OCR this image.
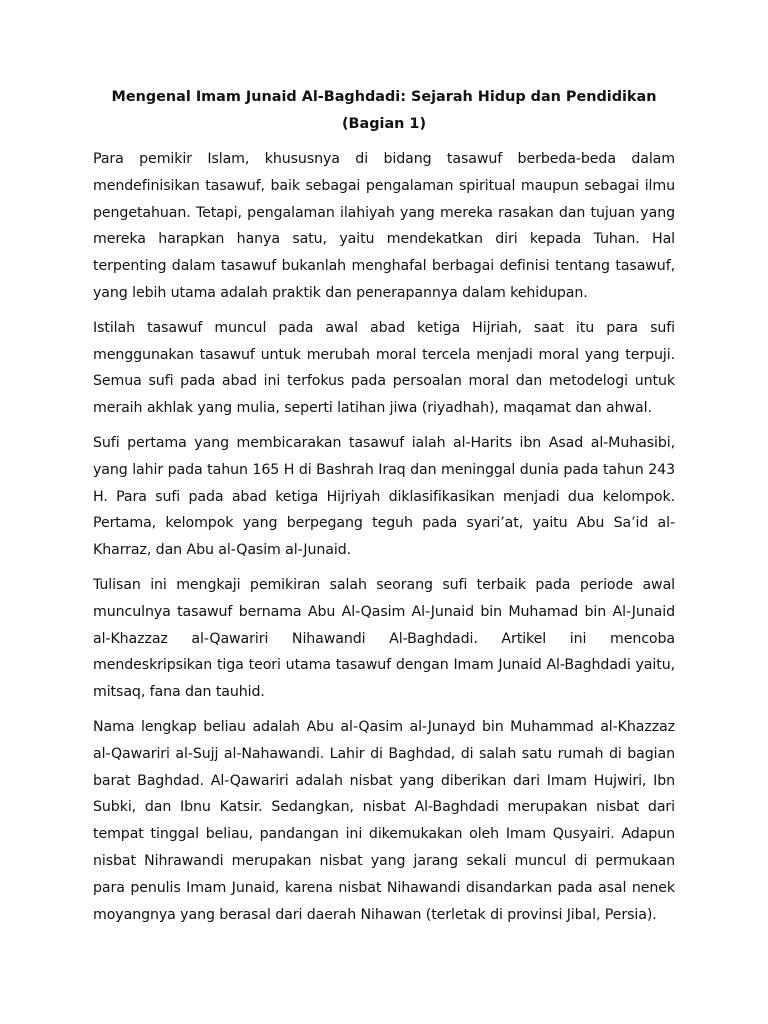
Mengenal Imam Junaid Al-Baghdadi: Sejarah Hidup dan Pendidikan
(Bagian 1)

Para pemikir Islam, khususnya di bidang tasawuf berbeda-beda dalam mendefinisikan tasawuf, baik sebagai pengalaman spiritual maupun sebagai ilmu pengetahuan. Tetapi, pengalaman ilahiyah yang mereka rasakan dan tujuan yang mereka harapkan hanya satu, yaitu mendekatkan diri kepada Tuhan. Hal terpenting dalam tasawuf bukanlah menghafal berbagai definisi tentang tasawuf, yang lebih utama adalah praktik dan penerapannya dalam kehidupan.

Istilah tasawuf muncul pada awal abad ketiga Hijriah, saat itu para sufi menggunakan tasawuf untuk merubah moral tercela menjadi moral yang terpuji. Semua sufi pada abad ini terfokus pada persoalan moral dan metodelogi untuk meraih akhlak yang mulia, seperti latihan jiwa (riyadhah), maqamat dan ahwal.

Sufi pertama yang membicarakan tasawuf ialah al-Harits ibn Asad al-Muhasibi, yang lahir pada tahun 165 H di Bashrah Iraq dan meninggal dunia pada tahun 243 H. Para sufi pada abad ketiga Hijriyah diklasifikasikan menjadi dua kelompok. Pertama, kelompok yang berpegang teguh pada syari’at, yaitu Abu Sa’id al-Kharraz, dan Abu al-Qasim al-Junaid.

Tulisan ini mengkaji pemikiran salah seorang sufi terbaik pada periode awal munculnya tasawuf bernama Abu Al-Qasim Al-Junaid bin Muhamad bin Al-Junaid al-Khazzaz al-Qawariri Nihawandi Al-Baghdadi. Artikel ini mencoba mendeskripsikan tiga teori utama tasawuf dengan Imam Junaid Al-Baghdadi yaitu, mitsaq, fana dan tauhid.

Nama lengkap beliau adalah Abu al-Qasim al-Junayd bin Muhammad al-Khazzaz al-Qawariri al-Sujj al-Nahawandi. Lahir di Baghdad, di salah satu rumah di bagian barat Baghdad. Al-Qawariri adalah nisbat yang diberikan dari Imam Hujwiri, Ibn Subki, dan Ibnu Katsir. Sedangkan, nisbat Al-Baghdadi merupakan nisbat dari tempat tinggal beliau, pandangan ini dikemukakan oleh Imam Qusyairi. Adapun nisbat Nihrawandi merupakan nisbat yang jarang sekali muncul di permukaan para penulis Imam Junaid, karena nisbat Nihawandi disandarkan pada asal nenek moyangnya yang berasal dari daerah Nihawan (terletak di provinsi Jibal, Persia).
